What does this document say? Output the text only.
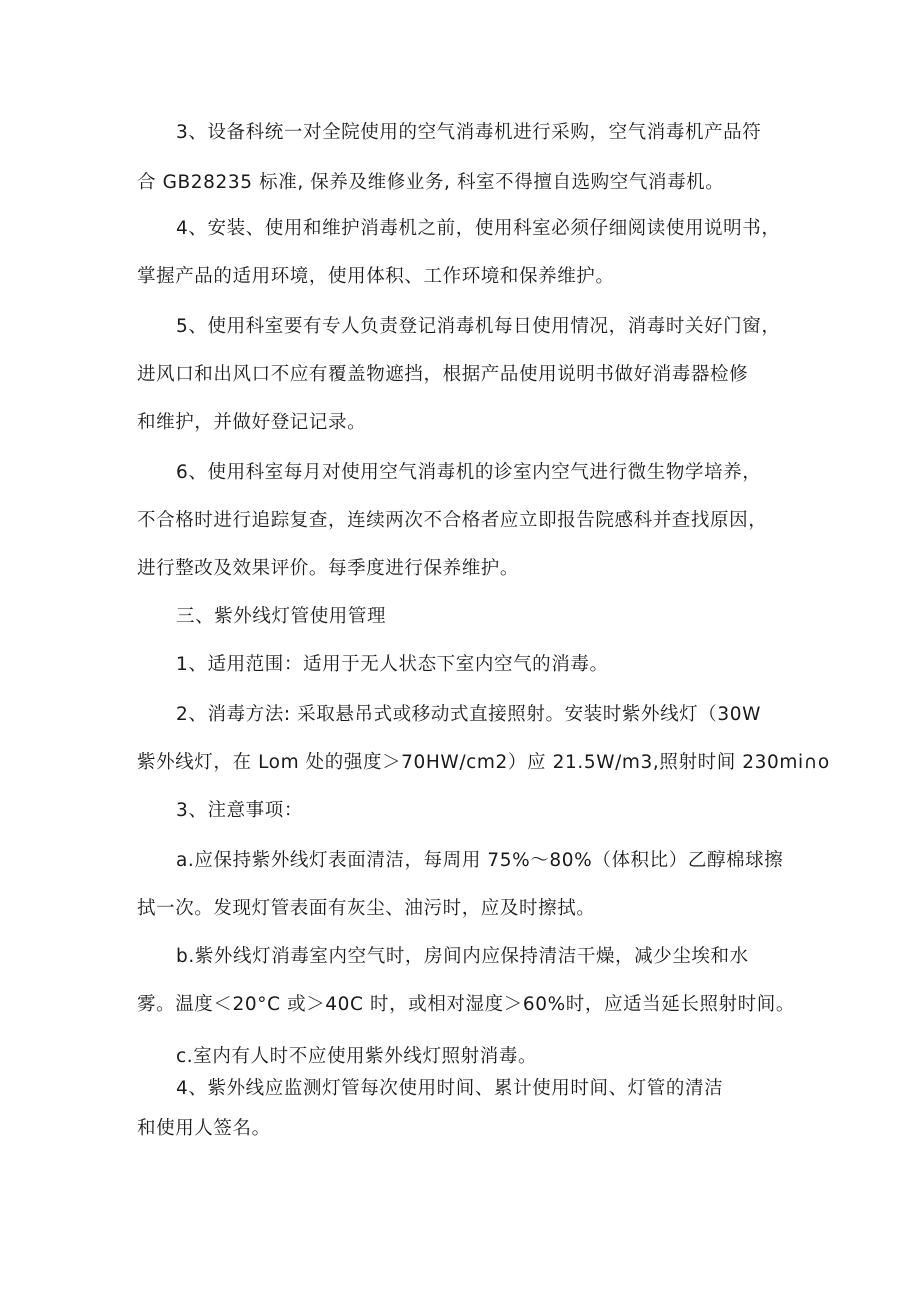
3、设备科统一对全院使用的空气消毒机进行采购，空气消毒机产品符

合 GB28235 标准, 保养及维修业务, 科室不得擅自选购空气消毒机。

4、安装、使用和维护消毒机之前，使用科室必须仔细阅读使用说明书，

掌握产品的适用环境，使用体积、工作环境和保养维护。

5、使用科室要有专人负责登记消毒机每日使用情况，消毒时关好门窗，

进风口和出风口不应有覆盖物遮挡，根据产品使用说明书做好消毒器检修

和维护，并做好登记记录。

6、使用科室每月对使用空气消毒机的诊室内空气进行微生物学培养，

不合格时进行追踪复查，连续两次不合格者应立即报告院感科并查找原因，

进行整改及效果评价。每季度进行保养维护。

三、紫外线灯管使用管理

1、适用范围：适用于无人状态下室内空气的消毒。

2、消毒方法: 采取悬吊式或移动式直接照射。安装时紫外线灯（30W

紫外线灯，在 Lom 处的强度＞70HW/cm2）应 21.5W/m3,照射时间 230mi∩o

3、注意事项：

a.应保持紫外线灯表面清洁，每周用 75%～80%（体积比）乙醇棉球擦

拭一次。发现灯管表面有灰尘、油污时，应及时擦拭。

b.紫外线灯消毒室内空气时，房间内应保持清洁干燥，减少尘埃和水

雾。温度＜20°C 或＞40C 时，或相对湿度＞60%时，应适当延长照射时间。

c.室内有人时不应使用紫外线灯照射消毒。

4、紫外线应监测灯管每次使用时间、累计使用时间、灯管的清洁

和使用人签名。
